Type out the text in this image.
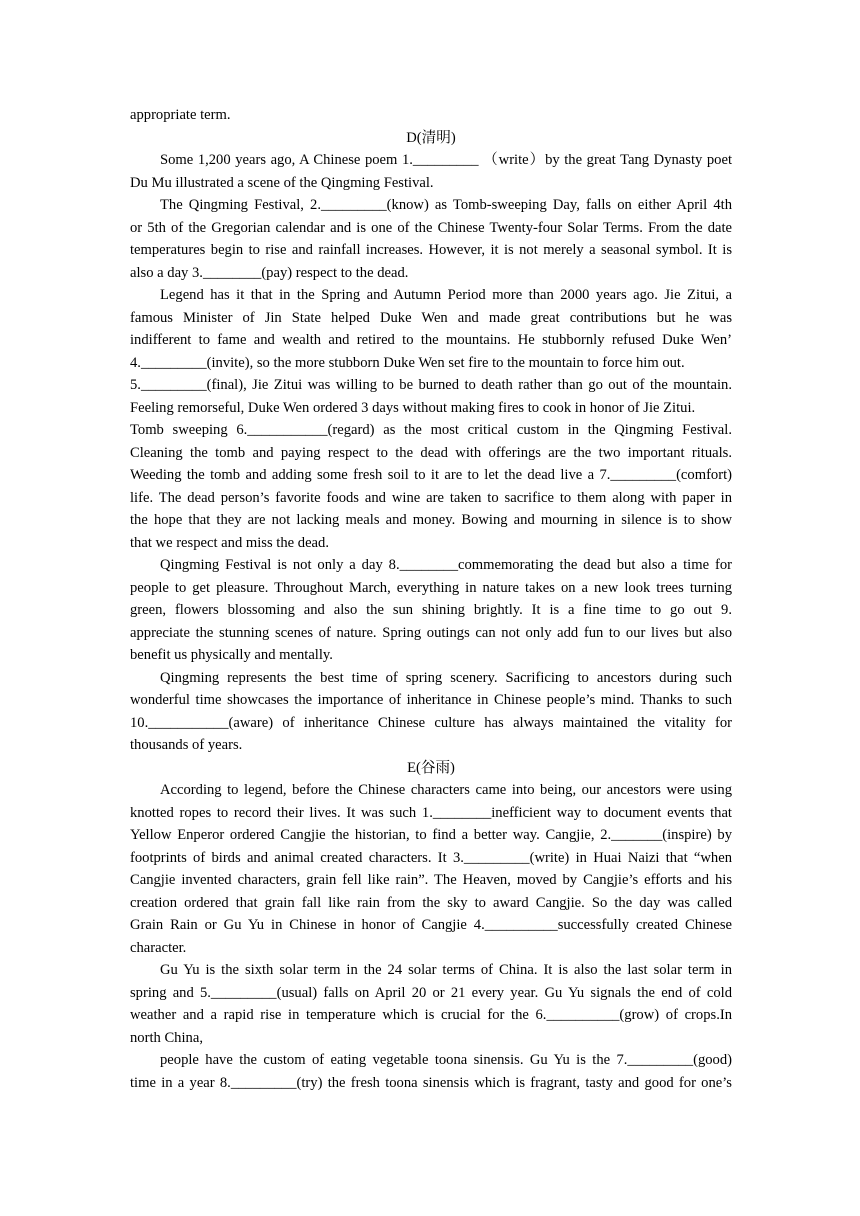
appropriate term.
D(清明)
Some 1,200 years ago, A Chinese poem 1._________ （write）by the great Tang Dynasty poet
Du Mu illustrated a scene of the Qingming Festival.
The Qingming Festival, 2._________(know) as Tomb-sweeping Day, falls on either April 4th
or 5th of the Gregorian calendar and is one of the Chinese Twenty-four Solar Terms. From the date
temperatures begin to rise and rainfall increases. However, it is not merely a seasonal symbol. It is
also a day 3.________(pay) respect to the dead.
Legend has it that in the Spring and Autumn Period more than 2000 years ago. Jie Zitui, a
famous Minister of Jin State helped Duke Wen and made great contributions but he was
indifferent to fame and wealth and retired to the mountains. He stubbornly refused Duke Wen’
4._________(invite), so the more stubborn Duke Wen set fire to the mountain to force him out.
5._________(final), Jie Zitui was willing to be burned to death rather than go out of the mountain.
Feeling remorseful, Duke Wen ordered 3 days without making fires to cook in honor of Jie Zitui.
Tomb sweeping 6.___________(regard) as the most critical custom in the Qingming Festival.
Cleaning the tomb and paying respect to the dead with offerings are the two important rituals.
Weeding the tomb and adding some fresh soil to it are to let the dead live a 7._________(comfort)
life. The dead person’s favorite foods and wine are taken to sacrifice to them along with paper in
the hope that they are not lacking meals and money. Bowing and mourning in silence is to show
that we respect and miss the dead.
Qingming Festival is not only a day 8.________commemorating the dead but also a time for
people to get pleasure. Throughout March, everything in nature takes on a new look trees turning
green, flowers blossoming and also the sun shining brightly. It is a fine time to go out 9.
appreciate the stunning scenes of nature. Spring outings can not only add fun to our lives but also
benefit us physically and mentally.
Qingming represents the best time of spring scenery. Sacrificing to ancestors during such
wonderful time showcases the importance of inheritance in Chinese people’s mind. Thanks to such
10.___________(aware) of inheritance Chinese culture has always maintained the vitality for
thousands of years.
E(谷雨)
According to legend, before the Chinese characters came into being, our ancestors were using
knotted ropes to record their lives. It was such 1.________inefficient way to document events that
Yellow Enperor ordered Cangjie the historian, to find a better way. Cangjie, 2._______(inspire) by
footprints of birds and animal created characters. It 3._________(write) in Huai Naizi that “when
Cangjie invented characters, grain fell like rain”. The Heaven, moved by Cangjie’s efforts and his
creation ordered that grain fall like rain from the sky to award Cangjie. So the day was called
Grain Rain or Gu Yu in Chinese in honor of Cangjie 4.__________successfully created Chinese
character.
Gu Yu is the sixth solar term in the 24 solar terms of China. It is also the last solar term in
spring and 5._________(usual) falls on April 20 or 21 every year. Gu Yu signals the end of cold
weather and a rapid rise in temperature which is crucial for the 6.__________(grow) of crops.In
north China,
people have the custom of eating vegetable toona sinensis. Gu Yu is the 7._________(good)
time in a year 8._________(try) the fresh toona sinensis which is fragrant, tasty and good for one’s
